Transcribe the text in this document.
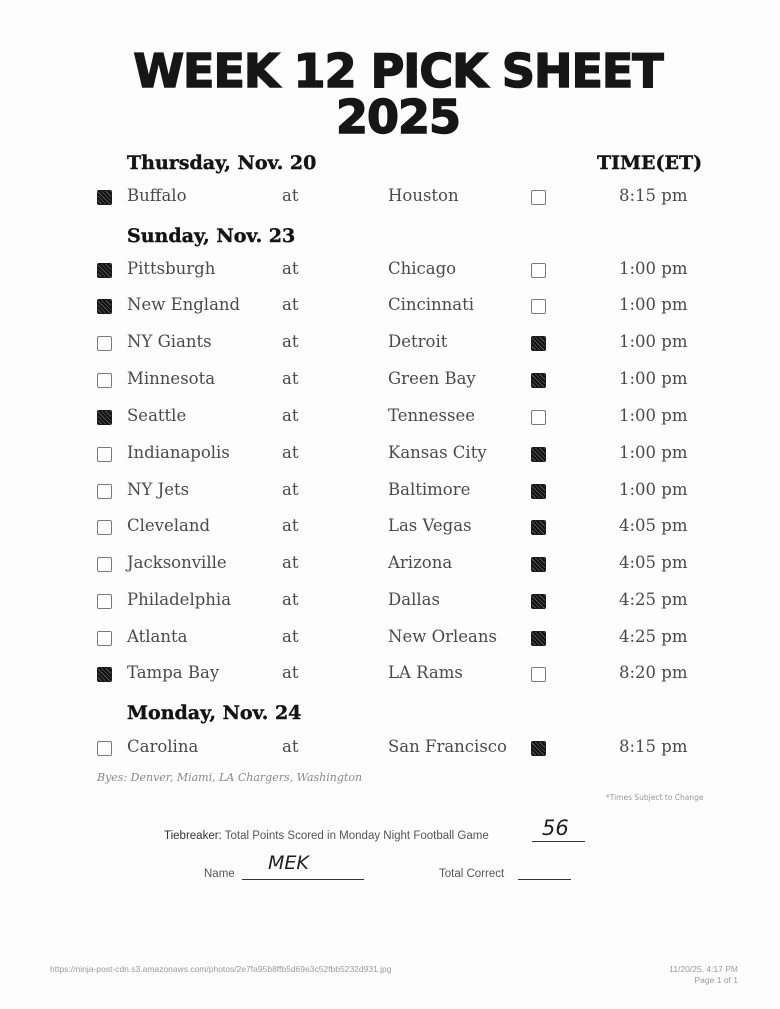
WEEK 12 PICK SHEET
2025
Thursday, Nov. 20	TIME(ET)
Buffalo	at	Houston	8:15 pm
Sunday, Nov. 23
Pittsburgh	at	Chicago	1:00 pm
New England	at	Cincinnati	1:00 pm
NY Giants	at	Detroit	1:00 pm
Minnesota	at	Green Bay	1:00 pm
Seattle	at	Tennessee	1:00 pm
Indianapolis	at	Kansas City	1:00 pm
NY Jets	at	Baltimore	1:00 pm
Cleveland	at	Las Vegas	4:05 pm
Jacksonville	at	Arizona	4:05 pm
Philadelphia	at	Dallas	4:25 pm
Atlanta	at	New Orleans	4:25 pm
Tampa Bay	at	LA Rams	8:20 pm
Monday, Nov. 24
Carolina	at	San Francisco	8:15 pm
Byes: Denver, Miami, LA Chargers, Washington
*Times Subject to Change
Tiebreaker: Total Points Scored in Monday Night Football Game	56
Name MEK	Total Correct
https://ninja-post-cdn.s3.amazonaws.com/photos/2e7fa95b8ffb5d69e3c52fbb5232d931.jpg	11/20/25, 4:17 PM
Page 1 of 1
